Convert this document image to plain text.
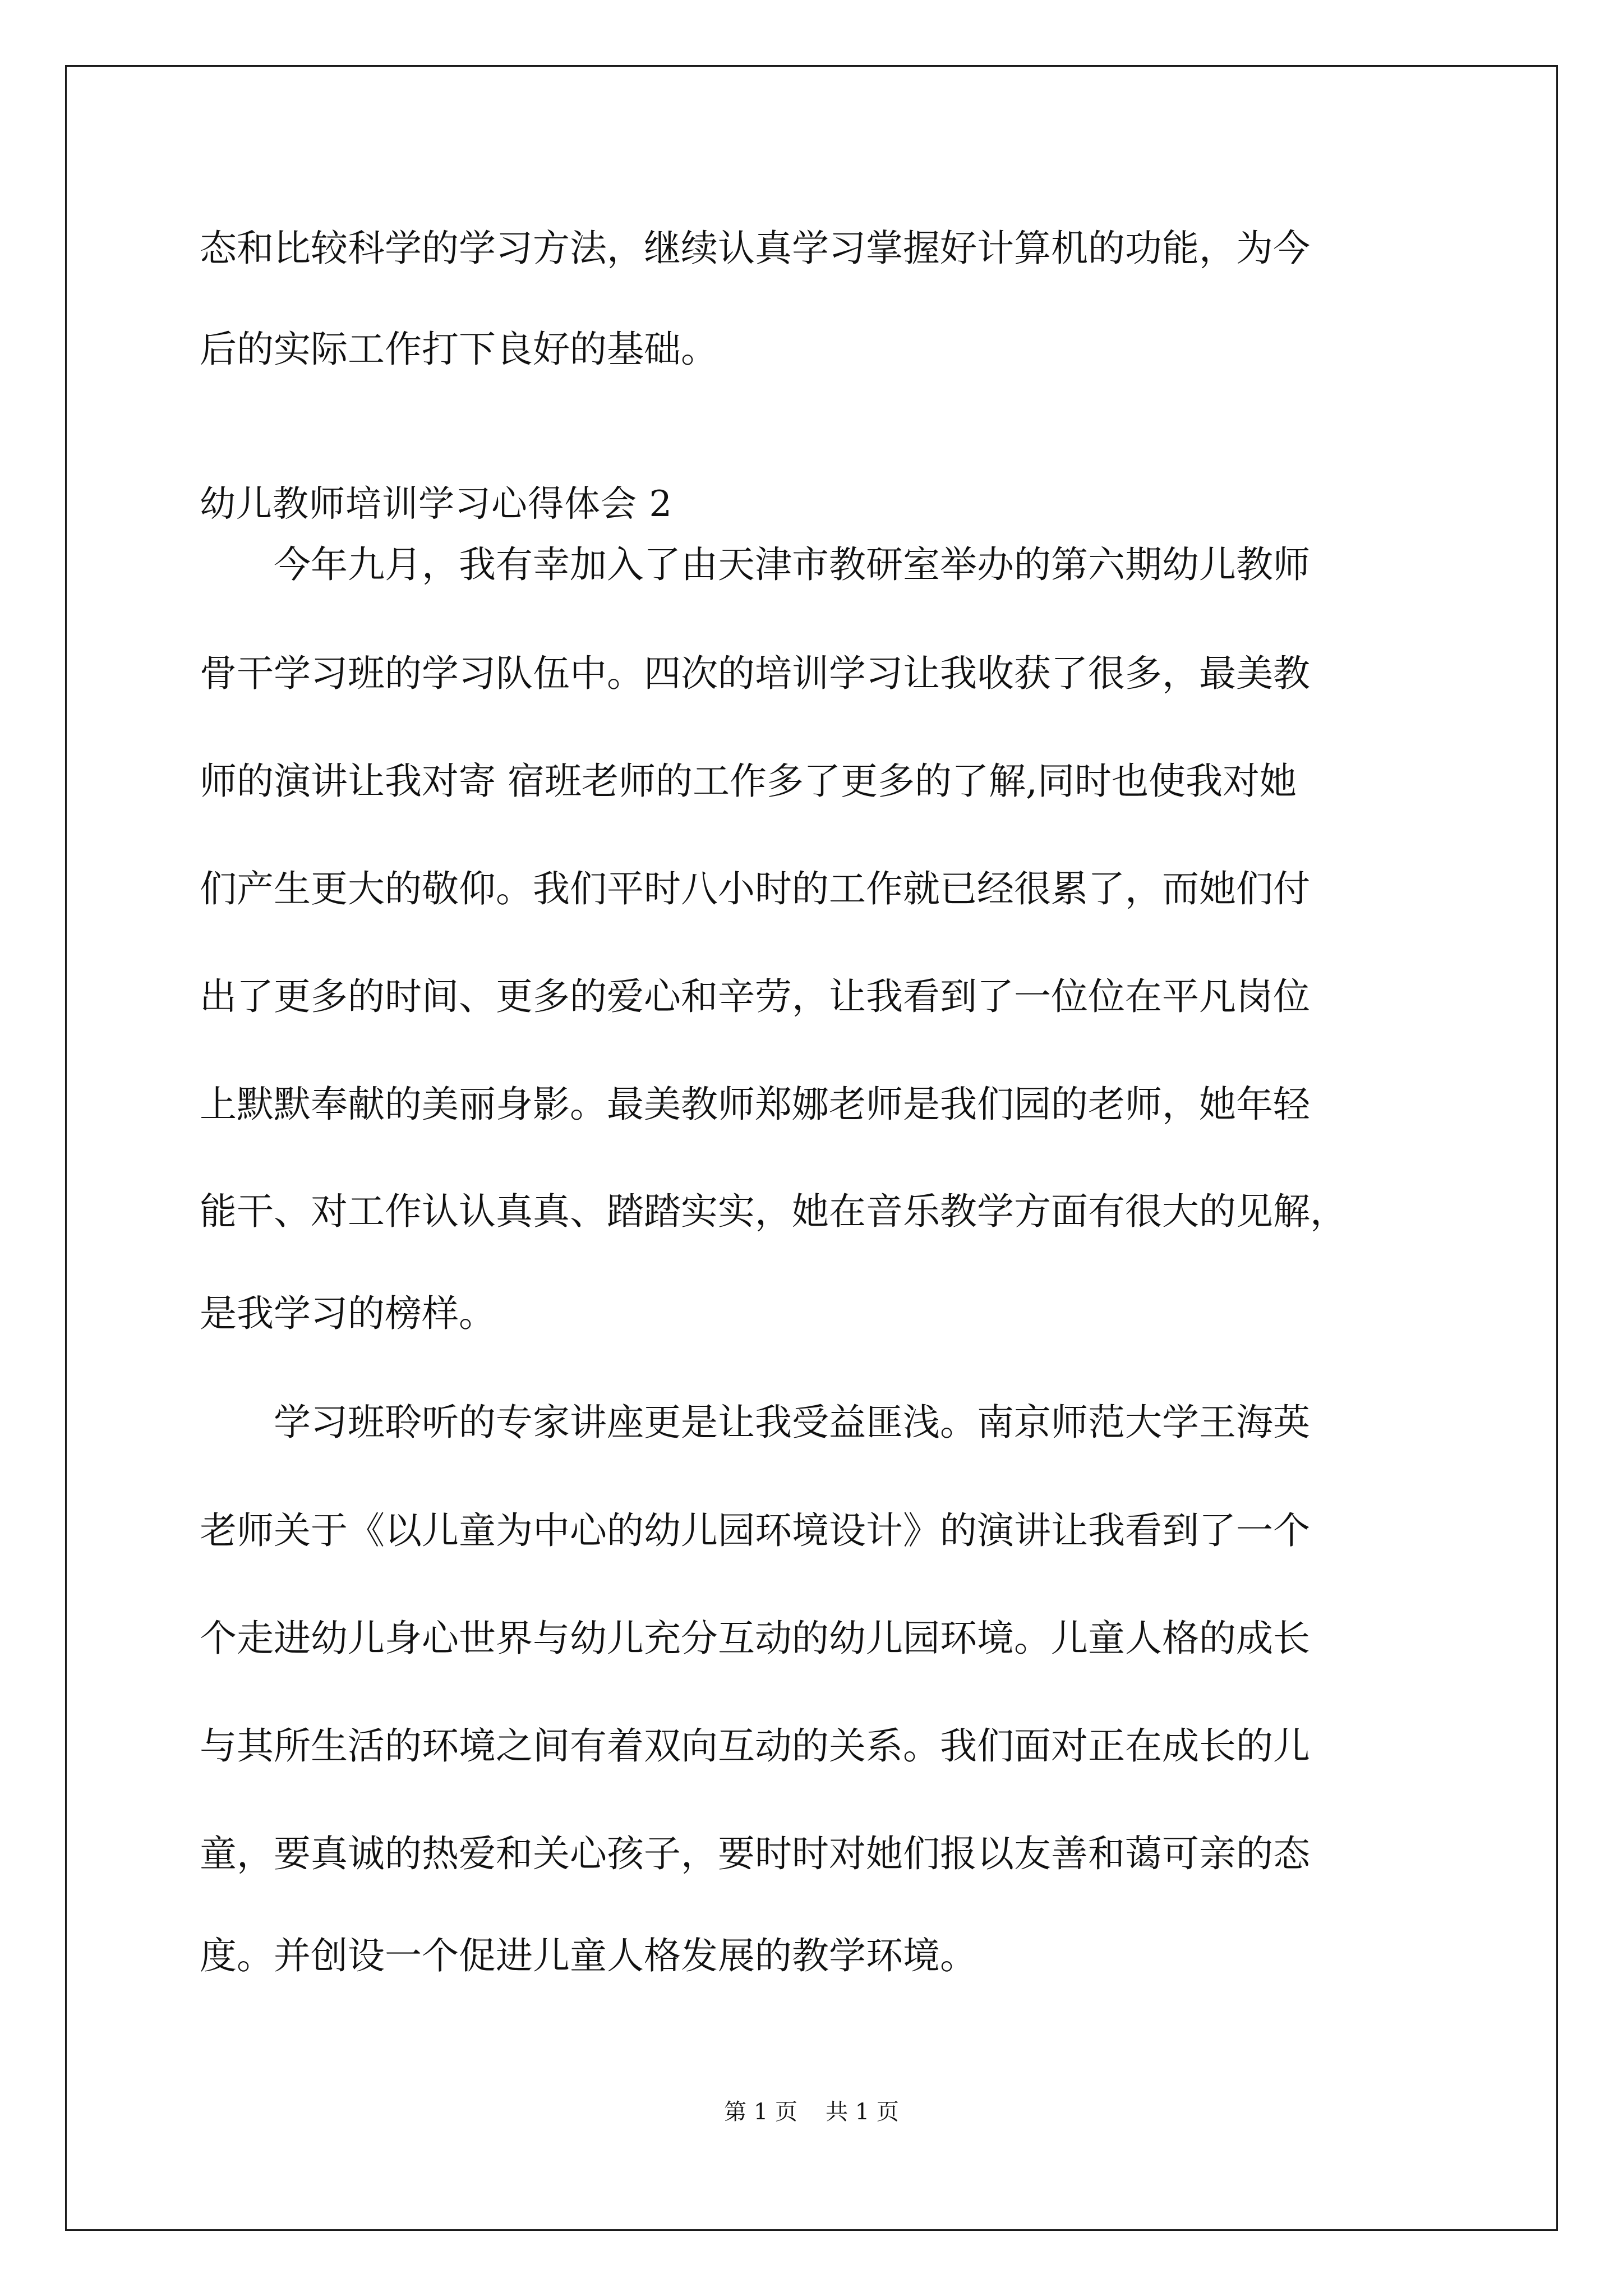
态和比较科学的学习方法，继续认真学习掌握好计算机的功能，为今
后的实际工作打下良好的基础。
幼儿教师培训学习心得体会 2
今年九月，我有幸加入了由天津市教研室举办的第六期幼儿教师
骨干学习班的学习队伍中。四次的培训学习让我收获了很多，最美教
师的演讲让我对寄 宿班老师的工作多了更多的了解,同时也使我对她
们产生更大的敬仰。我们平时八小时的工作就已经很累了，而她们付
出了更多的时间、更多的爱心和辛劳，让我看到了一位位在平凡岗位
上默默奉献的美丽身影。最美教师郑娜老师是我们园的老师，她年轻
能干、对工作认认真真、踏踏实实，她在音乐教学方面有很大的见解，
是我学习的榜样。
学习班聆听的专家讲座更是让我受益匪浅。南京师范大学王海英
老师关于《以儿童为中心的幼儿园环境设计》的演讲让我看到了一个
个走进幼儿身心世界与幼儿充分互动的幼儿园环境。儿童人格的成长
与其所生活的环境之间有着双向互动的关系。我们面对正在成长的儿
童，要真诚的热爱和关心孩子，要时时对她们报以友善和蔼可亲的态
度。并创设一个促进儿童人格发展的教学环境。
第 1 页 共 1 页
